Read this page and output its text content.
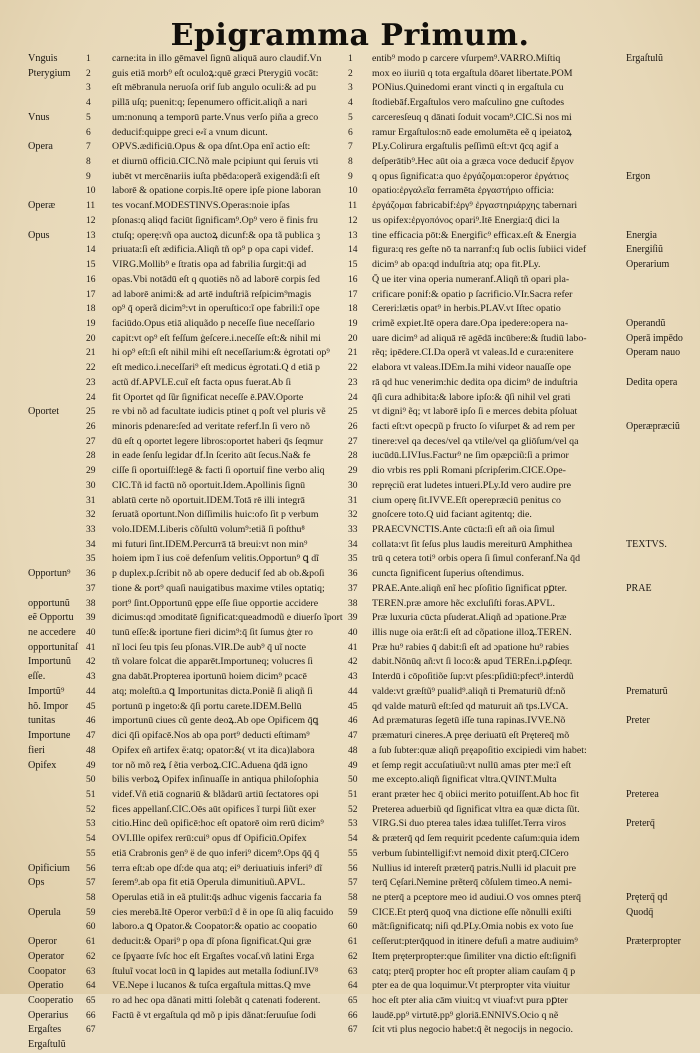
Epigramma Primum.
Vnguis
Pterygium
Vnus
Opera
Operæ
Opus
Oportet
Opportun⁹
opportunũ
eẽ Opportu
ne accedere
opportunitaſ
Importunũ
eſſe.
Importũ⁹
hõ. Impor
tunitas
Importune
fieri
Opifex
Opificium
Ops
Operula
Operor
Operator
Coopator
Operatio
Cooperatio
Operarius
Ergaſtes
Ergaſtulũ
1
2
3
4
5
6
7
8
9
10
11
12
13
14
15
16
17
18
19
20
21
22
23
24
25
26
27
28
29
30
31
32
33
34
35
36
37
38
39
40
41
42
43
44
45
46
47
48
49
50
51
52
53
54
55
56
57
58
59
60
61
62
63
64
65
66
67
carne:ita in illo gēmavel ſignū aliquā auro claudif.Vn
guis etiā morb⁹ eſt oculoꝝ:quē græci Pterygiū vocāt:
eſt mēbranula neruoſa orif ſub angulo oculi:& ad pu
pillā uſq; puenit:q; ſepenumero officit.aliqñ a nari
um:nonunq a temporū parte.Vnus verſo piña a greco
deducif:quippe greci e⸗ĩ a vnum dicunt.
OPVS.ædificiū.Opus & opa dſnt.Opa enĩ actio eſt:
et diurnū officiū.CIC.Nõ male pcipiunt qui ſeruis vti
iubēt vt mercēnariis iuſta pbēda:operã exigendã:ſi eſt
laborē & opatione corpis.Itē opere ipſe pione laboran
tes vocanf.MODESTINVS.Operas:noie ipſas
pſonas:q aliqd faciūt ſignificam⁹.Op⁹ vero ë finis fru
ctuſq; operę:vñ opa auctoꝝ dicunf:& opa tã publica ȝ
priuata:ſi eſt ædificia.Aliqñ tñ op⁹ p opa capi videf.
VIRG.Mollib⁹ e ſtratis opa ad fabrilia ſurgit:q̄i ad
opas.Vbi notādū eſt q quotiēs nõ ad laborē corpis ſed
ad laborē animi:& ad artē induſtriã reſpicim⁹magis
op⁹ q̄ operã dicim⁹:vt in operuſtico:ĩ ope fabrili:ĩ ope
faciūdo.Opus etiā aliquãdo p neceſſe ſiue neceſſario
capit:vt op⁹ eſt feſſum ġeſcere.i.neceſſe eſt:& nihil mi
hi op⁹ eſt:ſi eſt nihil mihi eſt neceſſarium:& ėgrotati op⁹
eſt medico.i.neceſſari⁹ eſt medicus ėgrotati.Q d etiā p
actũ df.APVLE.cuĩ eſt facta opus fuerat.Ab ſi
fit Oportet qd ſũr ſignificat neceſſe ē.PAV.Oporte
re vbi nõ ad facultate iudicis ptinet q poſt vel pluris vẽ
minoris pdenare:ſed ad veritate referf.In ſi vero nõ
dū eſt q oportet legere libros:oportet haberi q̄s ſeqmur
in eade ſenſu legidar df.In ſcerito aūt ſecus.Na& fe
ciſſe ſi oportuiſſ:legē & facti ſi oportuiſ fine verbo aliq
CIC.Tñ id factū nõ oportuit.Idem.Apollinis ſignū
ablatū certe nõ oportuit.IDEM.Totā rē illi integrā
ſeruatã oportunt.Non diſſimilis huic:ofo ſit p verbum
volo.IDEM.Liberis cõſultū volum⁹:etiã ſi poſthu⁸
mi futuri ſint.IDEM.Percurrā tā breui:vt non min⁹
hoiem ipm ĩ ius coë defenſum velitis.Opportun⁹ ꝗ dĩ
p duplex.p.ſcribit nõ ab opere deducif ſed ab ob.&poſi
tione & port⁹ quaſi nauigatibus maxime vtiles optatiq;
port⁹ ſint.Opportunū ęppe eſſe ſiue opportie accidere
dicimus:qd ɔmoditatē ſignificat:queadmodũ e diuerſo ĩport
tunū eſſe:& iportune fieri dicim⁹:q̄ ſit ſumus ġter ro
nĩ loci ſeu tpis ſeu pſonas.VIR.De aub⁹ q̄ uĩ nocte
tñ volare folcat die apparēt.Importuneq; volucres ſi
gna dabāt.Propterea iportunū hoiem dicim⁹ pcacē
atq; moleſtū.a ꝗ Importunitas dicta.Poniẽ ſi aliqñ ſi
portunū p ingeto:& q̄ſi portu carete.IDEM.Bellū
importunū ciues cũ gente deoꝝ.Ab ope Opificem q̄ꝗ
dici q̄ſi opifacē.Nos ab opa port⁹ deducti eſtimam⁹
Opifex eñ artifex ë:atq; opator:&( vt ita dica)labora
tor nõ mõ reꝝ ſ ẽtia verboꝝ.CIC.Aduena q̄dā igno
bilis verboꝝ Opifex inſinuaſſe in antiqua philoſophia
videf.Vñ etiā cognariū & blãdarū artiū ſectatores opi
fices appellanſ.CIC.Oēs aūt opifices ĩ turpi ſiũt exer
citio.Hinc deũ opificē:hoc eſt opatorē oim rerū dicim⁹
OVI.Ille opifex rerū:cui⁹ opus df Opificiū.Opifex
etiā Crabronis gen⁹ ë de quo inferi⁹ dicem⁹.Ops q̄q̄ q̄
terra eſt:ab ope dſ:de qua atq; ei⁹ deriuatiuis inferi⁹ dĩ
ſerem⁹.ab opa fit etiā Operula dimunitiuũ.APVL.
Operulas etiã in eã ptulit:q̄s adhuc vigenis faccaria fa
cies merebā.Itē Operor verbū:ĩ d ẽ in ope ſū aliq facuido
laboro.a ꝗ Opator.& Coopator:& opatio ac coopatio
deducit:& Opari⁹ p opa dĩ pſona ſignificat.Qui græ
ce ſpɣaɑτe ſνſc hoc eſt Ergaſtes vocaſ.vñ latini Erga
ſtuluĩ vocat locū in ꝗ lapides aut metalla ſodiunſ.IV⁸
VE.Nepe i lucanos & tuſca ergaſtula mittas.Q mve
ro ad hec opa dãnati mitti ſolebãt q catenati foderent.
Factū ẽ vt ergaſtula qd mõ p ipis dãnat:ſeruuſue ſodi
1
2
3
4
5
6
7
8
9
10
11
12
13
14
15
16
17
18
19
20
21
22
23
24
25
26
27
28
29
30
31
32
33
34
35
36
37
38
39
40
41
42
43
44
45
46
47
48
49
50
51
52
53
54
55
56
57
58
59
60
61
62
63
64
65
66
67
entib⁹ modo p carcere vſurpem⁹.VARRO.Miſtiq
mox eo iiuriū q tota ergaſtula dōaret libertate.POM
PONius.Quinedomi erant vincti q in ergaſtula cu
ſtodiebāf.Ergaſtulos vero maſculino gne cuſtodes
carceresſeuq q dānati ſoduit vocam⁹.CIC.Si nos mi
ramur Ergaſtulos:nō eade emolumēta eẽ q ipeiatoꝝ
PLy.Colirura ergaſtulis peſſimū eſt:vt q̄cq agif a
deſperātib⁹.Hec aūt oia a græca voce deducif ἔργον
q opus ſignificat:a quo ἐργάζομαι:operor ἐργάτιος
opatio:ἐργαλεῖα ferramēta ἐργαστήριο officia:
ἐργάζομαι fabricabif:ἐργ⁹ ἐργαστηριάρχης tabernari
us opifex:ἐργοπόνος opari⁹.Itē Energia:q̄ dici la
tine efficacia pōt:& Energific⁹ efficax.eſt & Energia
figura:q res geſte nō ta narranf:q ſub oclis ſubiici videf
dicim⁹ ab opa:qd induſtria atq; opa fit.PLy.
Q̄ ue iter vina operia numeranf.Aliqñ tñ opari pla-
crificare ponif:& opatio p ſacrificio.VIr.Sacra refer
Cereri:lætis opat⁹ in herbis.PLAV.vt Iſtec opatio
crimẽ expiet.Itē opera dare.Opa ipedere:opera na-
uare dicim⁹ ad aliquā rē agēdā incūbere:& ſtudiū labo-
rẽq; ipēdere.CI.Da operã vt valeas.Id e cura:enitere
elabora vt valeas.IDEm.Ia mihi videor nauaſſe ope
rā qd huc venerim:hic dedita opa dicim⁹ de induſtria
q̄ſi cura adhibita:& labore ipſo:& q̄ſi nihil vel grati
vt digni⁹ ẽq; vt laborē ipſo ſi e merces debita pſoluat
facti eſt:vt opecpũ p fructo ſo viſurpet & ad rem per
tinere:vel qa deces/vel qa vtile/vel qa gliōſum/vel qa
iucūdū.LIVIus.Factur⁹ ne ſim opæpciũ:ſi a primor
dio vrbis res ppli Romani pſcripſerim.CICE.Ope-
repręciũ erat ludetes intueri.PLy.Id vero audire pre
cium operę ſit.IVVE.Eſt operepræciū penitus co
gnoſcere toto.Q uid faciant agitentq; die.
PRAECVNCTIS.Ante cūcta:ſi eſt añ oia ſimul
collata:vt ſit ſeſus plus laudis mereiturū Amphithea
trū q cetera toti⁹ orbis opera ſi ſimul conferanf.Na q̄d
cuncta ſignificent ſuperius oſtendimus.
PRAE.Ante.aliqñ enĩ hec pſoſitio ſignificat pꝑter.
TEREN.præ amore hẽc excluſiſti foras.APVL.
Præ luxuria cūcta pſuderat.Aliqñ ad ɔpatione.Præ
illis nuge oia erāt:ſi eſt ad cõpatione illoꝝ.TEREN.
Præ hu⁹ rabies q̄ dabit:ſi eſt ad ɔpatione hu⁹ rabies
dabit.Nōnūq añ:vt ſi loco:& apud TEREn.i.pꝓſeqr.
Interdū i cōpoſitiõe ſup:vt pſes:pſidiū:pfect⁹.interdũ
valde:vt græſtũ⁹ pualid⁹.aliqñ ti Prematuriũ df:nõ
qd valde maturũ eſt:ſed qd maturuit añ tps.LVCA.
Ad præmaturas ſegetū iſſe tuna rapinas.IVVE.Nõ
præmaturi cineres.A pręe deriuatū eſt Prętereq̄ mõ
a ſub ſubter:quæ aliqñ pręapoſitio excipiedi vim habet:
et ſemp regit accuſatiuũ:vt nullū amas pter me:ĩ eſt
me excepto.aliqñ ſignificat vltra.QVINT.Multa
erant præter hec q̄ obiici merito potuiſſent.Ab hoc fit
Preterea aduerbiũ qd ſignificat vltra ea quæ dicta ſũt.
VIRG.Si duo pterea tales idæa tuliſſet.Terra viros
& præterq̄ qd ſem requirit pcedente caſum:quia idem
verbum ſubintelligif:vt nemoid dixit pterq̄.CICero
Nullius id intereſt præterq̄ patris.Nulli id placuit pre
terq̄ Cęſari.Nemine prẽterq̄ cõſulem timeo.A nemi-
ne pterq̄ a pceptore meo id audiui.O vos omnes pterq̄
CICE.Et pterq̄ quoq̄ vna dictione eſſe nõnulli exiſti
mãt:ſignificatq; niſi qd.PLy.Omia nobis ex voto ſue
ceſſerut:pterq̄quod in itinere defuſi a matre audiuim⁹
Item pręterpropter:que ſimiliter vna dictio eſt:ſignifi
catq; pterq̄ propter hoc eſt propter aliam cauſam q̄ p
pter ea de qua loquimur.Vt pterpropter vita viuitur
hoc eſt pter alia cām viuit:q vt viuaf:vt pura pꝑter
laudē.pp⁹ virtutē.pp⁹ gloriā.ENNIVS.Ocio q nẽ
ſcit vti plus negocio habet:q̄ ẽt negocijs in negocio.
Ergaſtulũ
Ergon
Energia
Energiſiũ
Operarium
Operandũ
Operā impēdo
Operam nauo
Dedita opera
Operæpræciũ
TEXTVS.
PRAE
Prematurũ
Preter
Preterea
Preterq̄
Pręterq̄ qd
Quodq̄
Præterpropter
